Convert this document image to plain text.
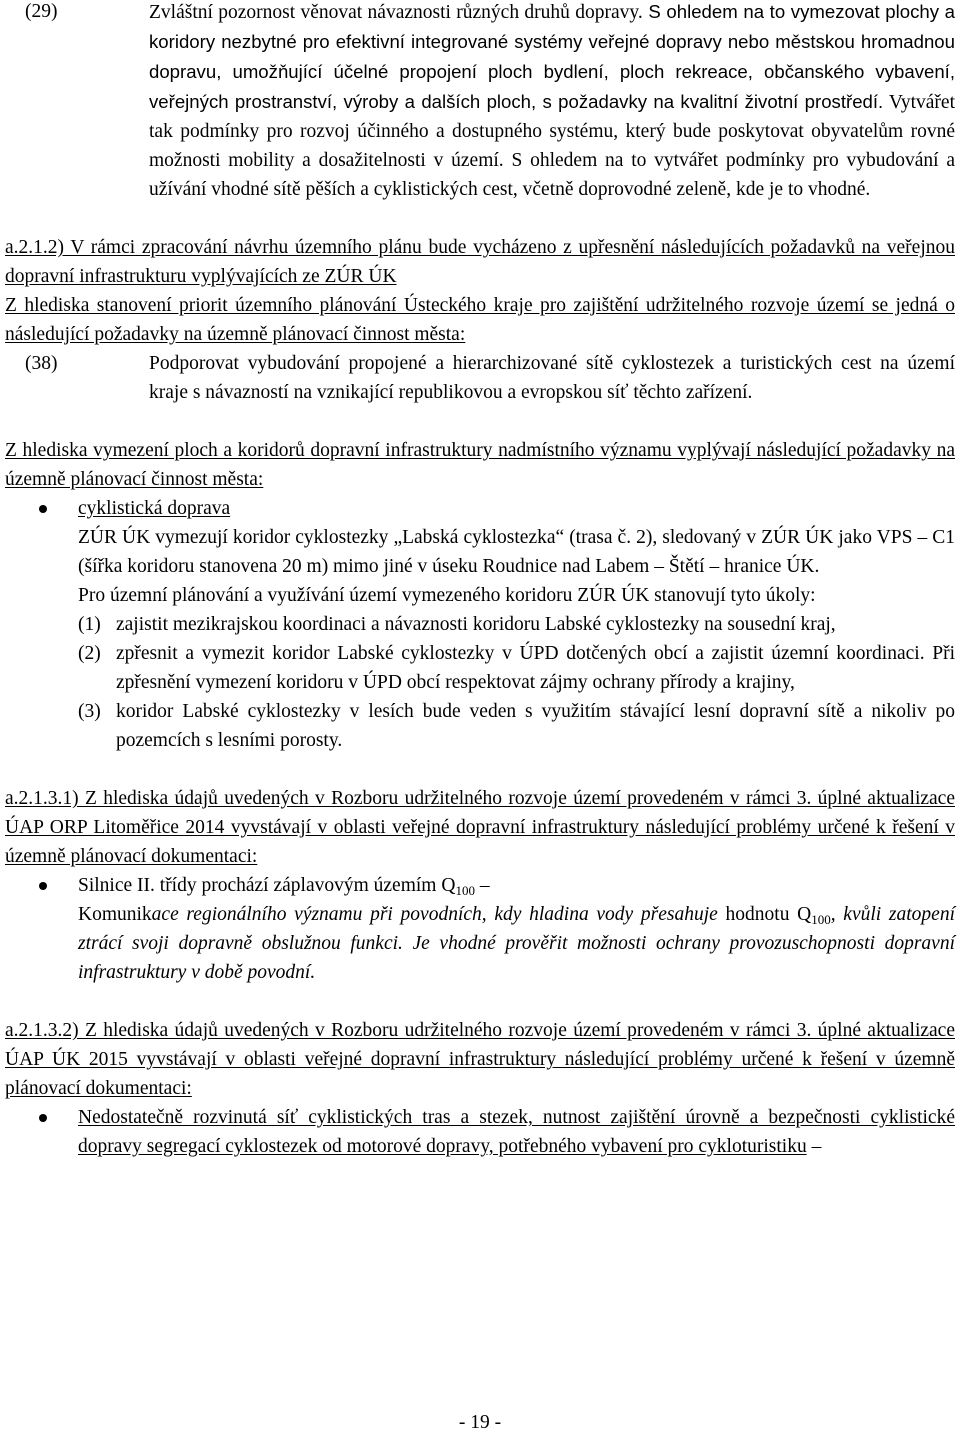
(29)	Zvláštní pozornost věnovat návaznosti různých druhů dopravy. S ohledem na to vymezovat plochy a koridory nezbytné pro efektivní integrované systémy veřejné dopravy nebo městskou hromadnou dopravu, umožňující účelné propojení ploch bydlení, ploch rekreace, občanského vybavení, veřejných prostranství, výroby a dalších ploch, s požadavky na kvalitní životní prostředí. Vytvářet tak podmínky pro rozvoj účinného a dostupného systému, který bude poskytovat obyvatelům rovné možnosti mobility a dosažitelnosti v území. S ohledem na to vytvářet podmínky pro vybudování a užívání vhodné sítě pěších a cyklistických cest, včetně doprovodné zeleně, kde je to vhodné.

a.2.1.2) V rámci zpracování návrhu územního plánu bude vycházeno z upřesnění následujících požadavků na veřejnou dopravní infrastrukturu vyplývajících ze ZÚR ÚK

Z hlediska stanovení priorit územního plánování Ústeckého kraje pro zajištění udržitelného rozvoje území se jedná o následující požadavky na územně plánovací činnost města:

(38)	Podporovat vybudování propojené a hierarchizované sítě cyklostezek a turistických cest na území kraje s návazností na vznikající republikovou a evropskou síť těchto zařízení.

Z hlediska vymezení ploch a koridorů dopravní infrastruktury nadmístního významu vyplývají následující požadavky na územně plánovací činnost města:

cyklistická doprava

ZÚR ÚK vymezují koridor cyklostezky „Labská cyklostezka“ (trasa č. 2), sledovaný v ZÚR ÚK jako VPS – C1 (šířka koridoru stanovena 20 m) mimo jiné v úseku Roudnice nad Labem – Štětí – hranice ÚK.

Pro územní plánování a využívání území vymezeného koridoru ZÚR ÚK stanovují tyto úkoly:

(1) zajistit mezikrajskou koordinaci a návaznosti koridoru Labské cyklostezky na sousední kraj,

(2) zpřesnit a vymezit koridor Labské cyklostezky v ÚPD dotčených obcí a zajistit územní koordinaci. Při zpřesnění vymezení koridoru v ÚPD obcí respektovat zájmy ochrany přírody a krajiny,

(3) koridor Labské cyklostezky v lesích bude veden s využitím stávající lesní dopravní sítě a nikoliv po pozemcích s lesními porosty.

a.2.1.3.1) Z hlediska údajů uvedených v Rozboru udržitelného rozvoje území provedeném v rámci 3. úplné aktualizace ÚAP ORP Litoměřice 2014 vyvstávají v oblasti veřejné dopravní infrastruktury následující problémy určené k řešení v územně plánovací dokumentaci:

Silnice II. třídy prochází záplavovým územím $Q_{100}$ –

Komunikace regionálního významu při povodních, kdy hladina vody přesahuje hodnotu $Q_{100}$, kvůli zatopení ztrácí svoji dopravně obslužnou funkci. Je vhodné prověřit možnosti ochrany provozuschopnosti dopravní infrastruktury v době povodní.

a.2.1.3.2) Z hlediska údajů uvedených v Rozboru udržitelného rozvoje území provedeném v rámci 3. úplné aktualizace ÚAP ÚK 2015 vyvstávají v oblasti veřejné dopravní infrastruktury následující problémy určené k řešení v územně plánovací dokumentaci:

Nedostatečně rozvinutá síť cyklistických tras a stezek, nutnost zajištění úrovně a bezpečnosti cyklistické dopravy segregací cyklostezek od motorové dopravy, potřebného vybavení pro cykloturistiku –

- 19 -
